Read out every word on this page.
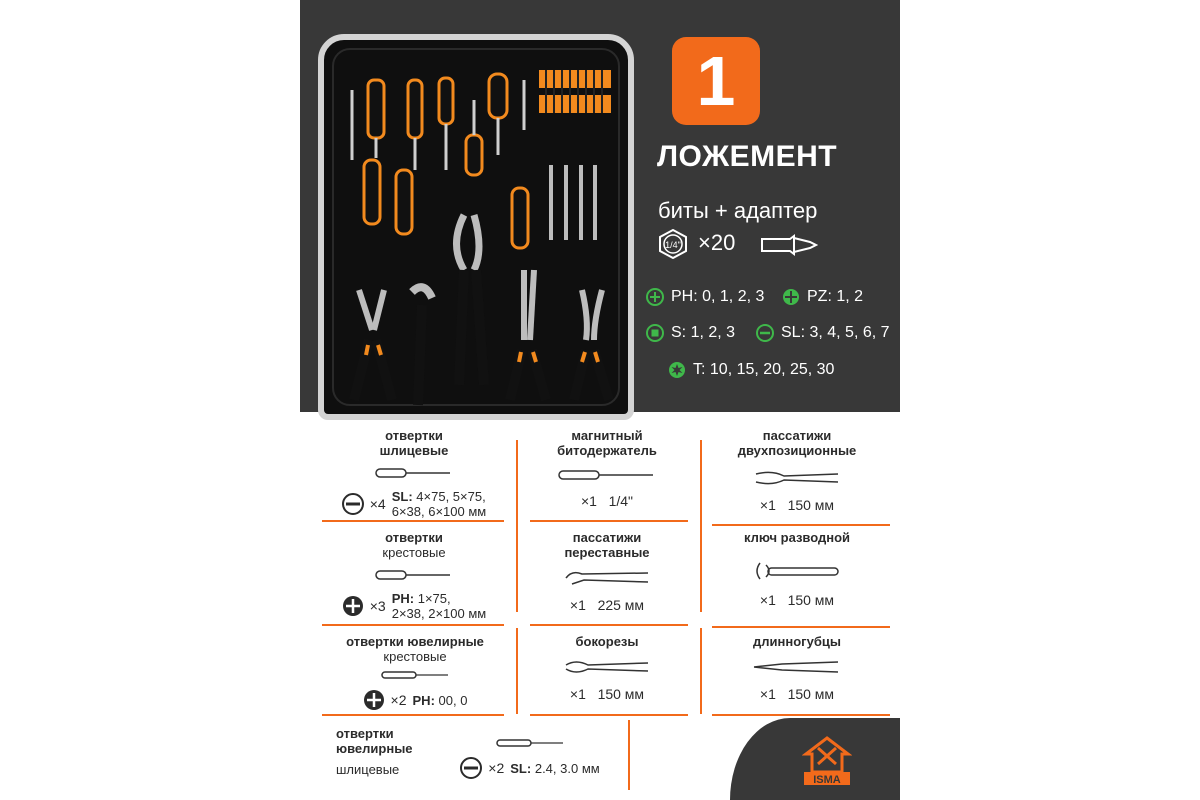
1
ЛОЖЕМЕНТ
биты + адаптер
1/4" ×20
PH: 0, 1, 2, 3	PZ: 1, 2
S: 1, 2, 3	SL: 3, 4, 5, 6, 7
T: 10, 15, 20, 25, 30
отвертки
шлицевые
×4 SL: 4×75, 5×75,
6×38, 6×100 мм
магнитный
битодержатель
×1 1/4"
пассатижи
двухпозиционные
×1 150 мм
отвертки
крестовые
×3 PH: 1×75,
2×38, 2×100 мм
пассатижи
переставные
×1 225 мм
ключ разводной
×1 150 мм
отвертки ювелирные
крестовые
×2 PH: 00, 0
бокорезы
×1 150 мм
длинногубцы
×1 150 мм
отвертки
ювелирные
шлицевые	×2 SL: 2.4, 3.0 мм
ISMA
